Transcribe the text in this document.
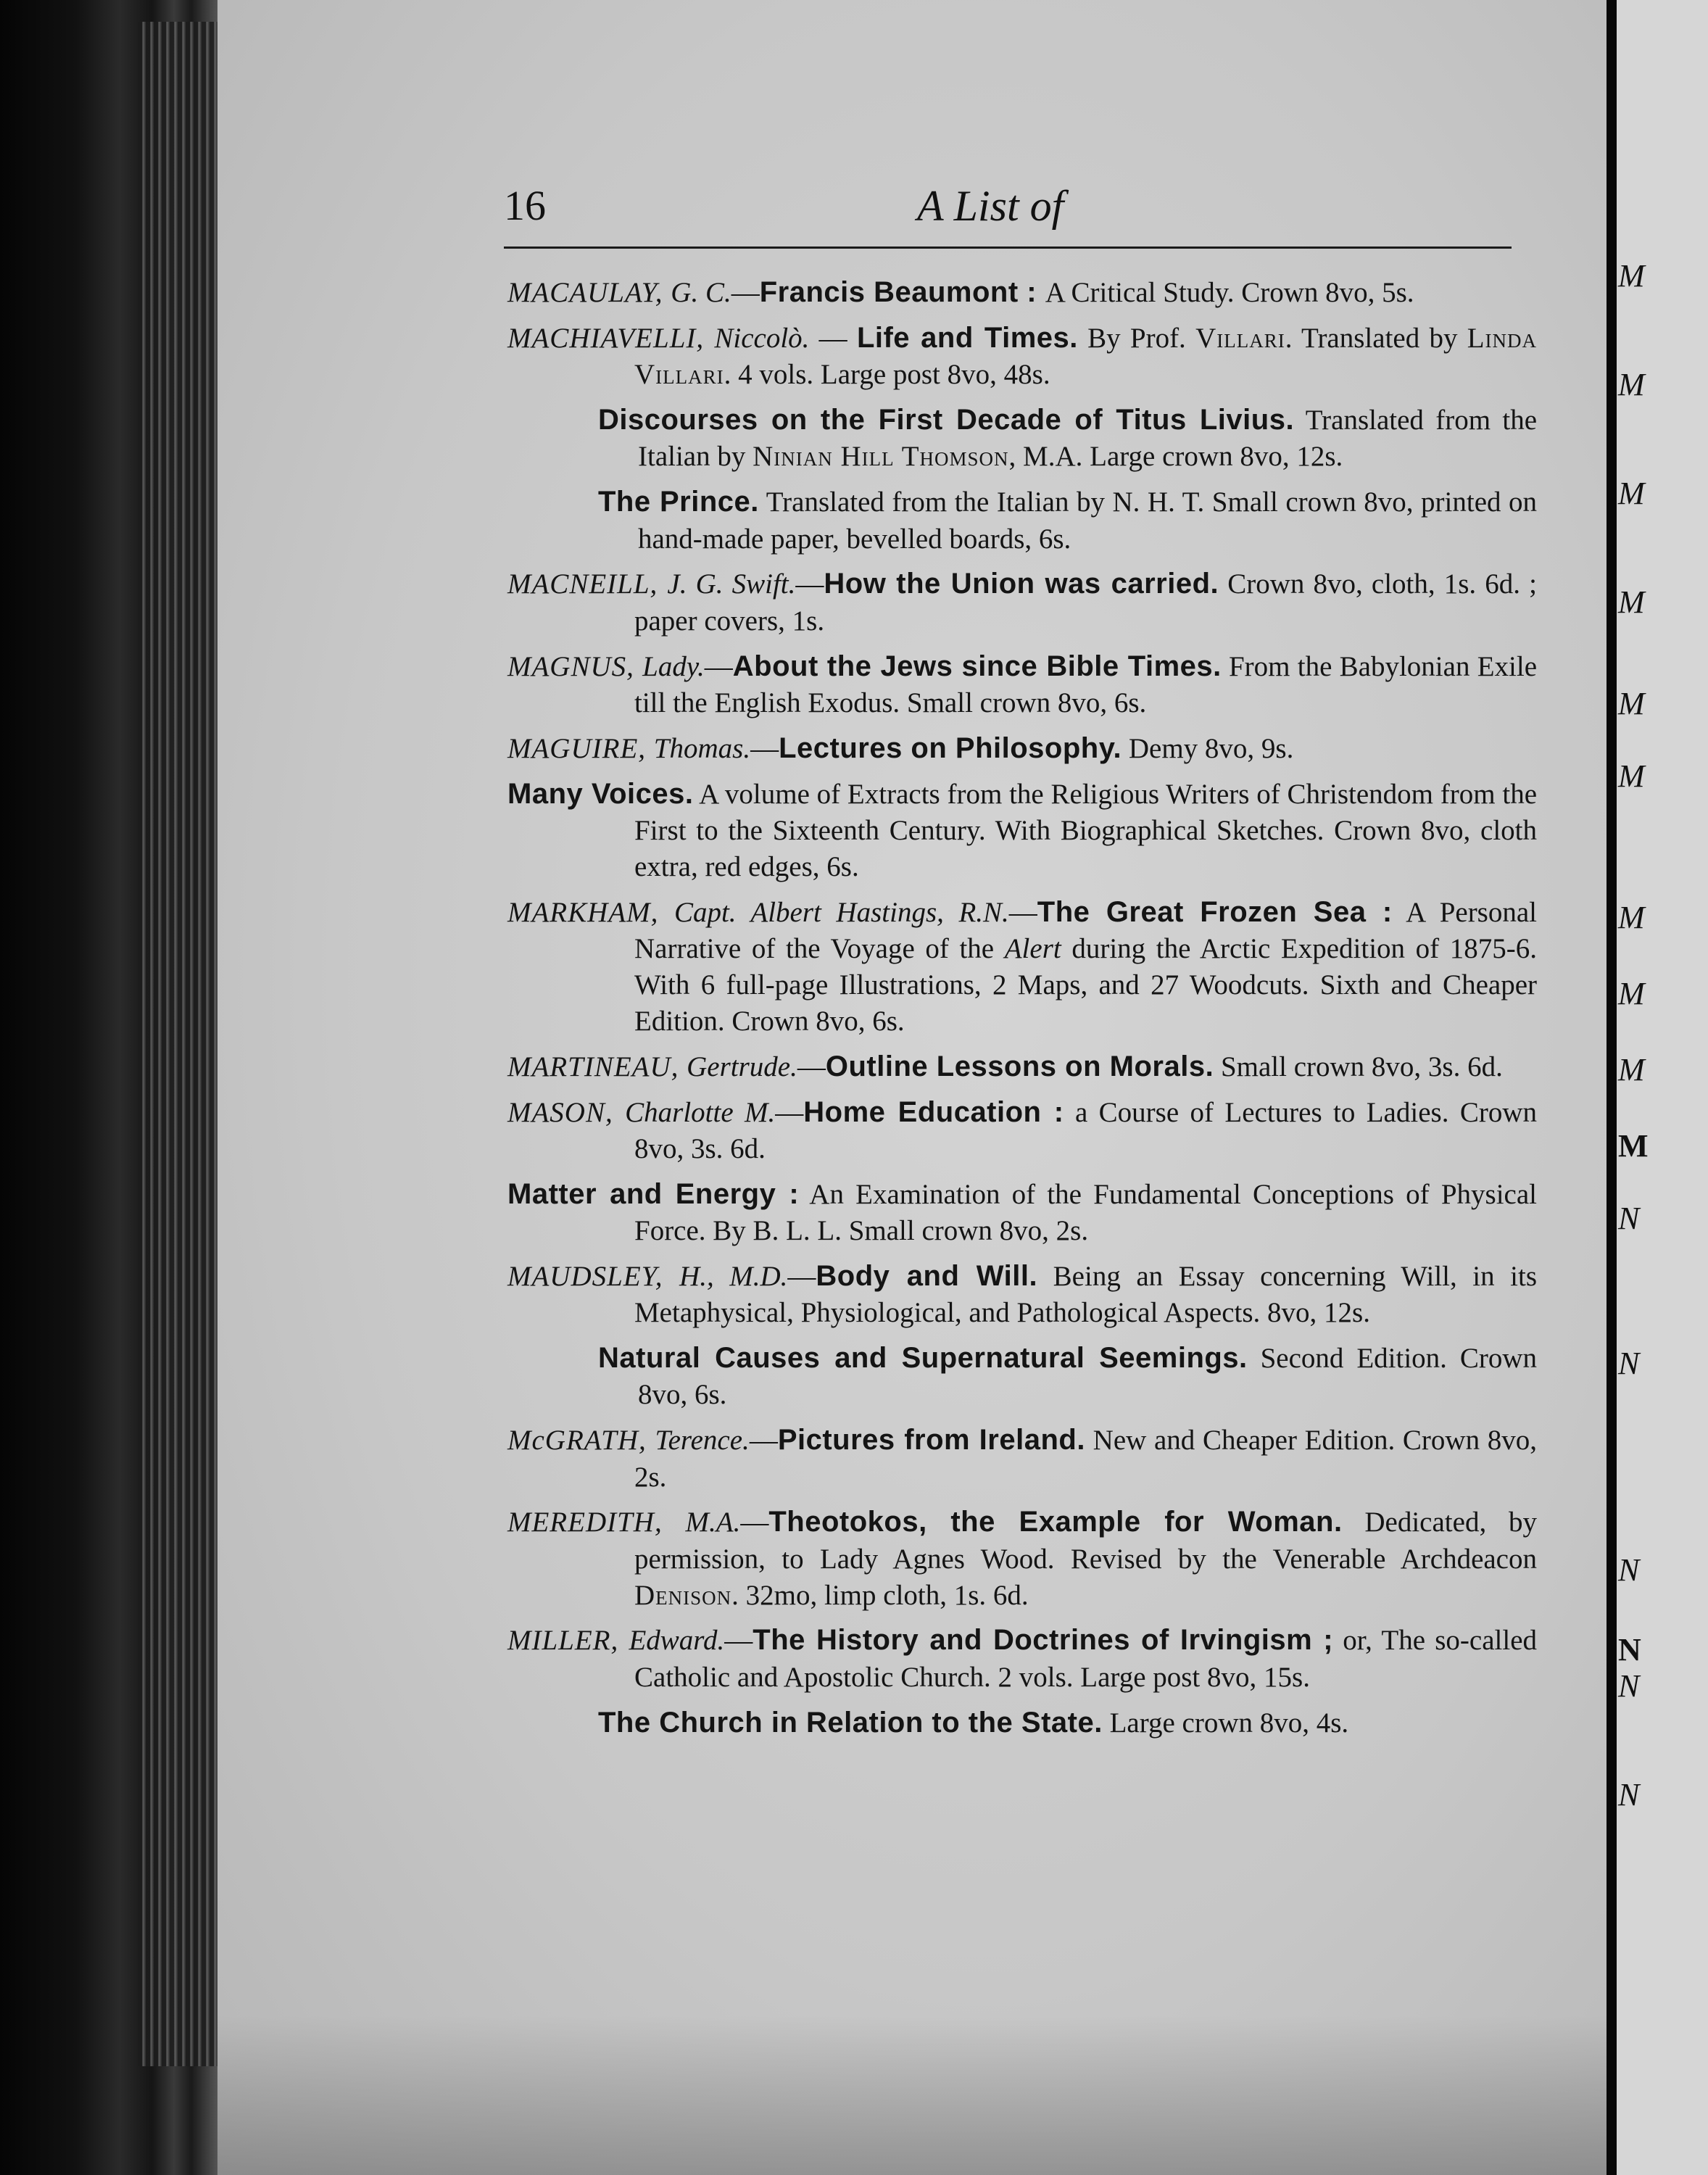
M
M
M
M
M
M
M
M
M
M
N
N
N
N
N
N
16	A List of

MACAULAY, G. C.—Francis Beaumont : A Critical Study. Crown 8vo, 5s.

MACHIAVELLI, Niccolò. — Life and Times. By Prof. Villari. Translated by Linda Villari. 4 vols. Large post 8vo, 48s.

Discourses on the First Decade of Titus Livius. Translated from the Italian by Ninian Hill Thomson, M.A. Large crown 8vo, 12s.

The Prince. Translated from the Italian by N. H. T. Small crown 8vo, printed on hand-made paper, bevelled boards, 6s.

MACNEILL, J. G. Swift.—How the Union was carried. Crown 8vo, cloth, 1s. 6d. ; paper covers, 1s.

MAGNUS, Lady.—About the Jews since Bible Times. From the Babylonian Exile till the English Exodus. Small crown 8vo, 6s.

MAGUIRE, Thomas.—Lectures on Philosophy. Demy 8vo, 9s.

Many Voices. A volume of Extracts from the Religious Writers of Christendom from the First to the Sixteenth Century. With Biographical Sketches. Crown 8vo, cloth extra, red edges, 6s.

MARKHAM, Capt. Albert Hastings, R.N.—The Great Frozen Sea : A Personal Narrative of the Voyage of the Alert during the Arctic Expedition of 1875-6. With 6 full-page Illustrations, 2 Maps, and 27 Woodcuts. Sixth and Cheaper Edition. Crown 8vo, 6s.

MARTINEAU, Gertrude.—Outline Lessons on Morals. Small crown 8vo, 3s. 6d.

MASON, Charlotte M.—Home Education : a Course of Lectures to Ladies. Crown 8vo, 3s. 6d.

Matter and Energy : An Examination of the Fundamental Conceptions of Physical Force. By B. L. L. Small crown 8vo, 2s.

MAUDSLEY, H., M.D.—Body and Will. Being an Essay concerning Will, in its Metaphysical, Physiological, and Pathological Aspects. 8vo, 12s.

Natural Causes and Supernatural Seemings. Second Edition. Crown 8vo, 6s.

McGRATH, Terence.—Pictures from Ireland. New and Cheaper Edition. Crown 8vo, 2s.

MEREDITH, M.A.—Theotokos, the Example for Woman. Dedicated, by permission, to Lady Agnes Wood. Revised by the Venerable Archdeacon Denison. 32mo, limp cloth, 1s. 6d.

MILLER, Edward.—The History and Doctrines of Irvingism ; or, The so-called Catholic and Apostolic Church. 2 vols. Large post 8vo, 15s.

The Church in Relation to the State. Large crown 8vo, 4s.
